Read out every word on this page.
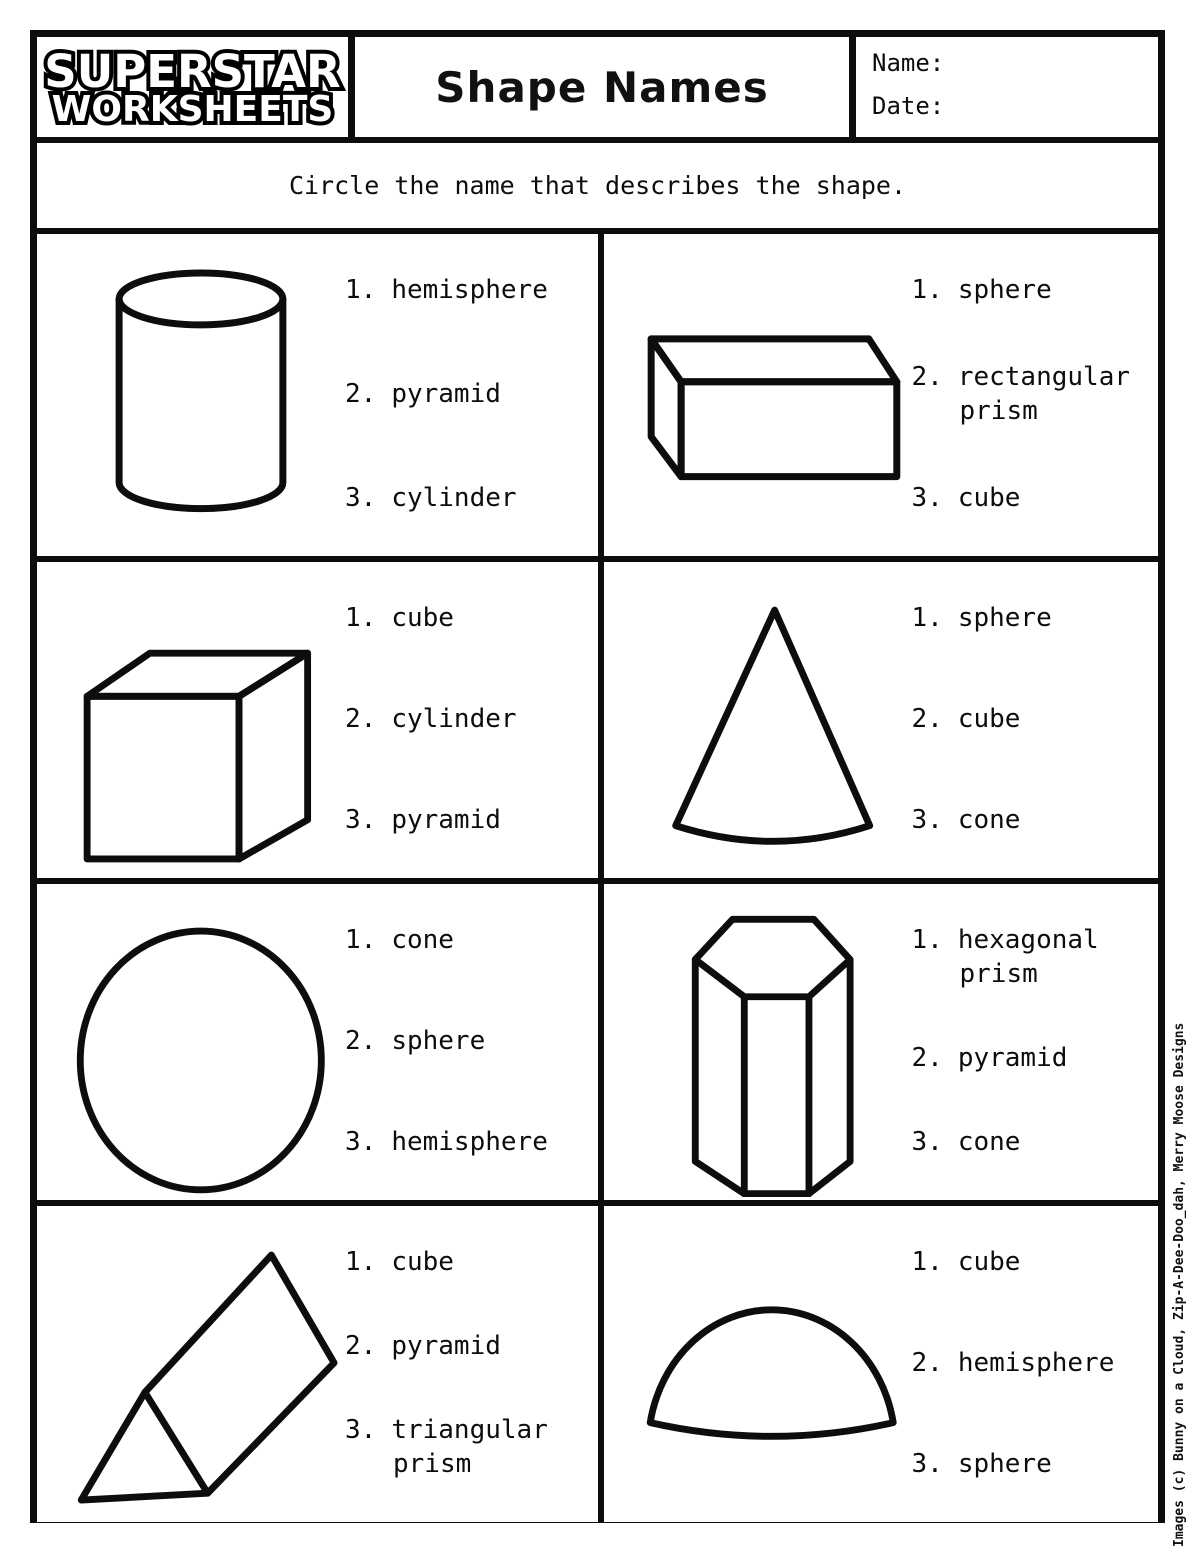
SUPERSTAR SUPERSTAR
WORKSHEETS WORKSHEETS Shape Names	Name:
Date:
Circle the name that describes the shape.
1. hemisphere
2. pyramid
3. cylinder
1. sphere
2. rectangular prism
3. cube
1. cube
2. cylinder
3. pyramid
1. sphere
2. cube
3. cone
1. cone
2. sphere
3. hemisphere
1. hexagonal prism
2. pyramid
3. cone
1. cube
2. pyramid
3. triangular prism
1. cube
2. hemisphere
3. sphere	Images (c) Bunny on a Cloud, Zip-A-Dee-Doo_dah, Merry Moose Designs
